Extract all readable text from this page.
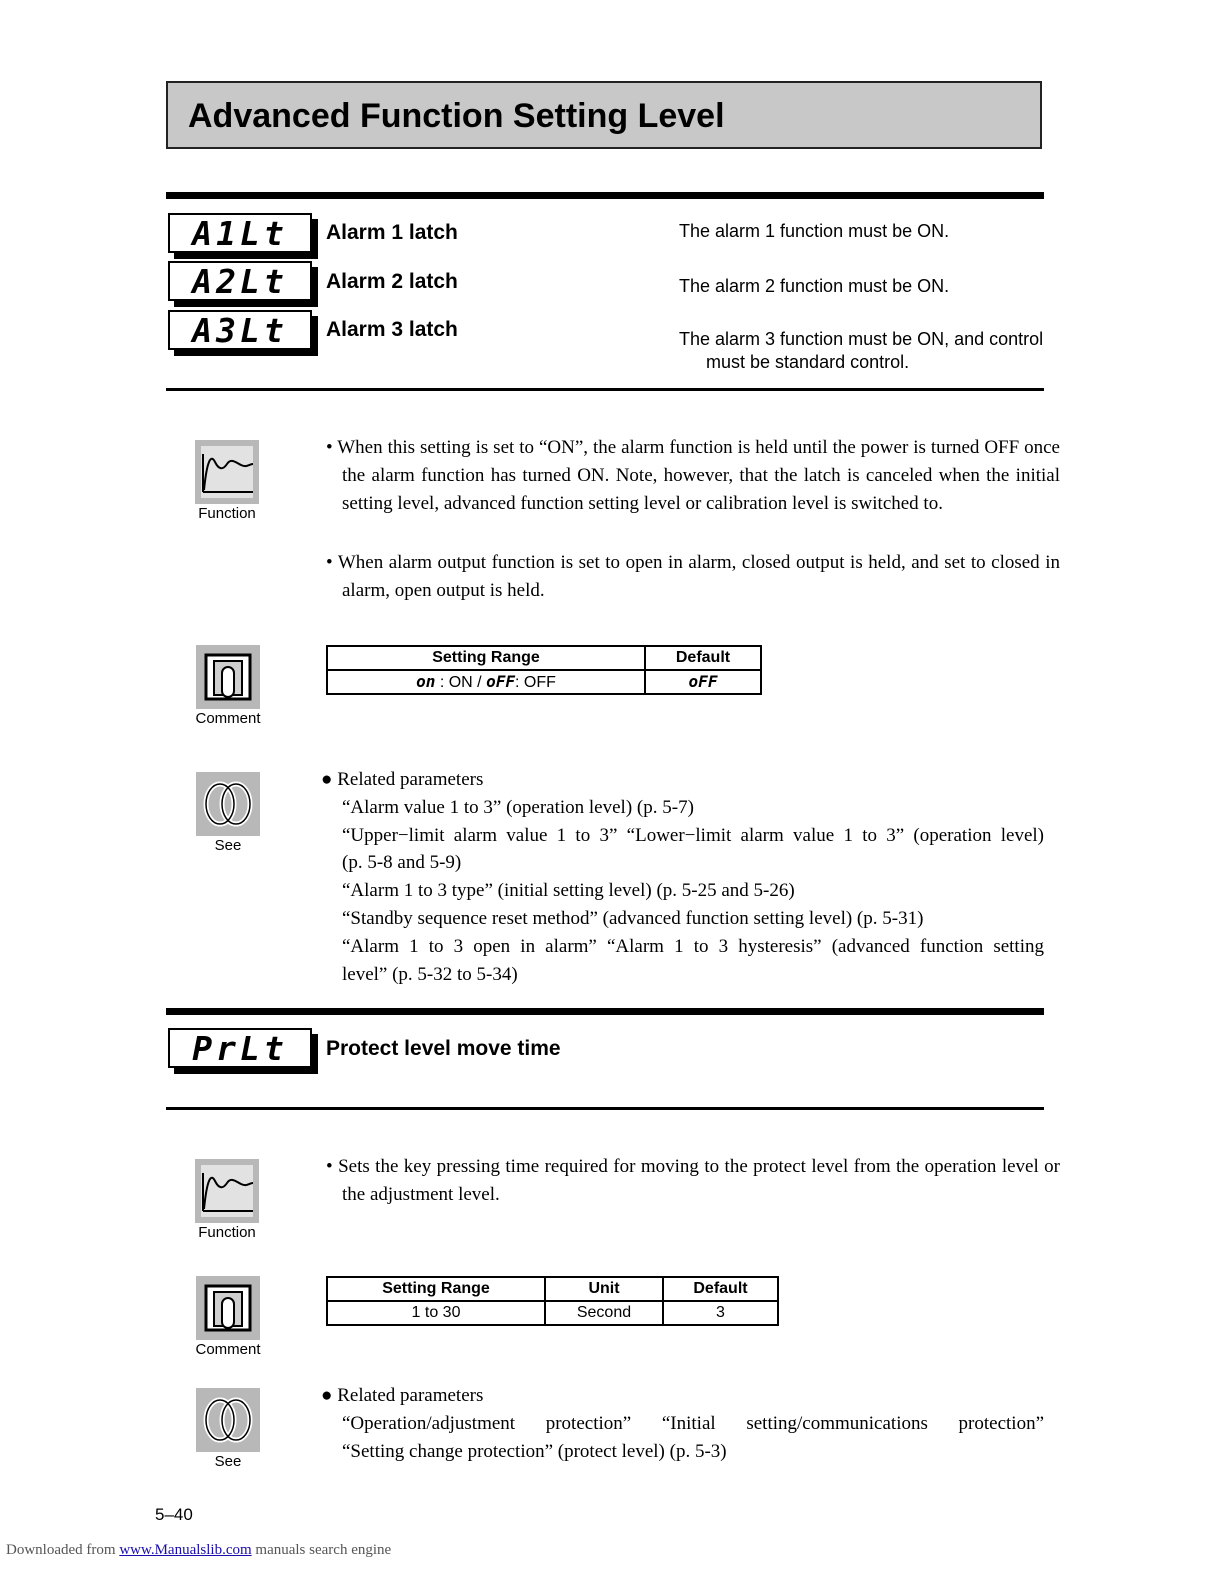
Advanced Function Setting Level
A1Lt	Alarm 1 latch	The alarm 1 function must be ON.
A2Lt	Alarm 2 latch	The alarm 2 function must be ON.
A3Lt	Alarm 3 latch	The alarm 3 function must be ON, and control
must be standard control.
Function
• When this setting is set to “ON”, the alarm function is held until the power is turned OFF once the alarm function has turned ON. Note, however, that the latch is canceled when the initial setting level, advanced function setting level or calibration level is switched to.
• When alarm output function is set to open in alarm, closed output is held, and set to closed in alarm, open output is held.
Comment
Setting Range	Default
on : ON / oFF: OFF	oFF
See
● Related parameters
“Alarm value 1 to 3” (operation level) (p. 5-7)
“Upper−limit alarm value 1 to 3” “Lower−limit alarm value 1 to 3” (operation level)
(p. 5-8 and 5-9)
“Alarm 1 to 3 type” (initial setting level) (p. 5-25 and 5-26)
“Standby sequence reset method” (advanced function setting level) (p. 5-31)
“Alarm 1 to 3 open in alarm” “Alarm 1 to 3 hysteresis” (advanced function setting
level” (p. 5-32 to 5-34)
PrLt	Protect level move time
Function
• Sets the key pressing time required for moving to the protect level from the operation level or the adjustment level.
Comment
Setting Range	Unit	Default
1 to 30	Second	3
See
● Related parameters
“Operation/adjustment protection” “Initial setting/communications protection”
“Setting change protection” (protect level) (p. 5-3)
5–40
Downloaded from www.Manualslib.com manuals search engine
